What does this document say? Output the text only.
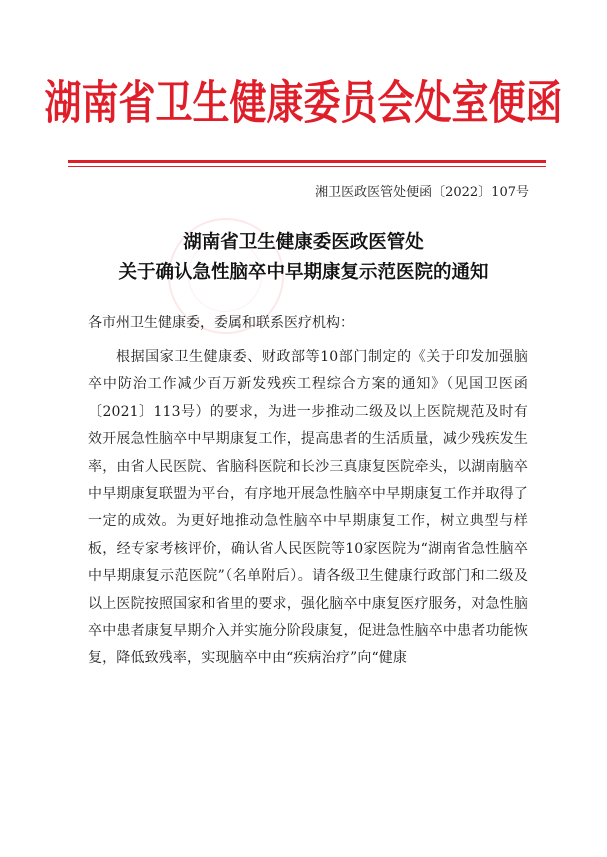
湖南省卫生健康委员会处室便函
湘卫医政医管处便函〔2022〕107号
湖南省卫生健康委医政医管处
关于确认急性脑卒中早期康复示范医院的通知
各市州卫生健康委，委属和联系医疗机构：
根据国家卫生健康委、财政部等10部门制定的《关于印发加强脑卒中防治工作减少百万新发残疾工程综合方案的通知》（见国卫医函〔2021〕113号）的要求，为进一步推动二级及以上医院规范及时有效开展急性脑卒中早期康复工作，提高患者的生活质量，减少残疾发生率，由省人民医院、省脑科医院和长沙三真康复医院牵头，以湖南脑卒中早期康复联盟为平台，有序地开展急性脑卒中早期康复工作并取得了一定的成效。为更好地推动急性脑卒中早期康复工作，树立典型与样板，经专家考核评价，确认省人民医院等10家医院为“湖南省急性脑卒中早期康复示范医院”（名单附后）。请各级卫生健康行政部门和二级及以上医院按照国家和省里的要求，强化脑卒中康复医疗服务，对急性脑卒中患者康复早期介入并实施分阶段康复，促进急性脑卒中患者功能恢复，降低致残率，实现脑卒中由“疾病治疗”向“健康
